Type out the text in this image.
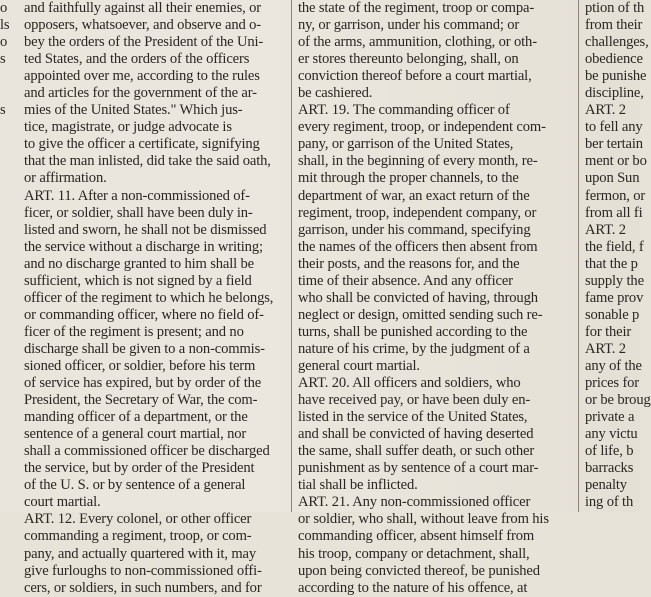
o
ls
o
s
s
and faithfully against all their enemies, or
opposers, whatsoever, and observe and o-
bey the orders of the President of the Uni-
ted States, and the orders of the officers
appointed over me, according to the rules
and articles for the government of the ar-
mies of the United States." Which jus-
tice, magistrate, or judge advocate is
to give the officer a certificate, signifying
that the man inlisted, did take the said oath,
or affirmation.
ART. 11. After a non-commissioned of-
ficer, or soldier, shall have been duly in-
listed and sworn, he shall not be dismissed
the service without a discharge in writing;
and no discharge granted to him shall be
sufficient, which is not signed by a field
officer of the regiment to which he belongs,
or commanding officer, where no field of-
ficer of the regiment is present; and no
discharge shall be given to a non-commis-
sioned officer, or soldier, before his term
of service has expired, but by order of the
President, the Secretary of War, the com-
manding officer of a department, or the
sentence of a general court martial, nor
shall a commissioned officer be discharged
the service, but by order of the President
of the U. S. or by sentence of a general
court martial.
ART. 12. Every colonel, or other officer
commanding a regiment, troop, or com-
pany, and actually quartered with it, may
give furloughs to non-commissioned offi-
cers, or soldiers, in such numbers, and for
the state of the regiment, troop or compa-
ny, or garrison, under his command; or
of the arms, ammunition, clothing, or oth-
er stores thereunto belonging, shall, on
conviction thereof before a court martial,
be cashiered.
ART. 19. The commanding officer of
every regiment, troop, or independent com-
pany, or garrison of the United States,
shall, in the beginning of every month, re-
mit through the proper channels, to the
department of war, an exact return of the
regiment, troop, independent company, or
garrison, under his command, specifying
the names of the officers then absent from
their posts, and the reasons for, and the
time of their absence. And any officer
who shall be convicted of having, through
neglect or design, omitted sending such re-
turns, shall be punished according to the
nature of his crime, by the judgment of a
general court martial.
ART. 20. All officers and soldiers, who
have received pay, or have been duly en-
listed in the service of the United States,
and shall be convicted of having deserted
the same, shall suffer death, or such other
punishment as by sentence of a court mar-
tial shall be inflicted.
ART. 21. Any non-commissioned officer
or soldier, who shall, without leave from his
commanding officer, absent himself from
his troop, company or detachment, shall,
upon being convicted thereof, be punished
according to the nature of his offence, at
ption of th
from their
challenges,
obedience
be punishe
discipline,
ART. 2
to fell any
ber tertain
ment or bo
upon Sun
fermon, or
from all fi
ART. 2
the field, f
that the p
supply the
fame prov
sonable p
for their
ART. 2
any of the
prices for
or be broug
private a
any victu
of life, b
barracks
penalty
ing of th
